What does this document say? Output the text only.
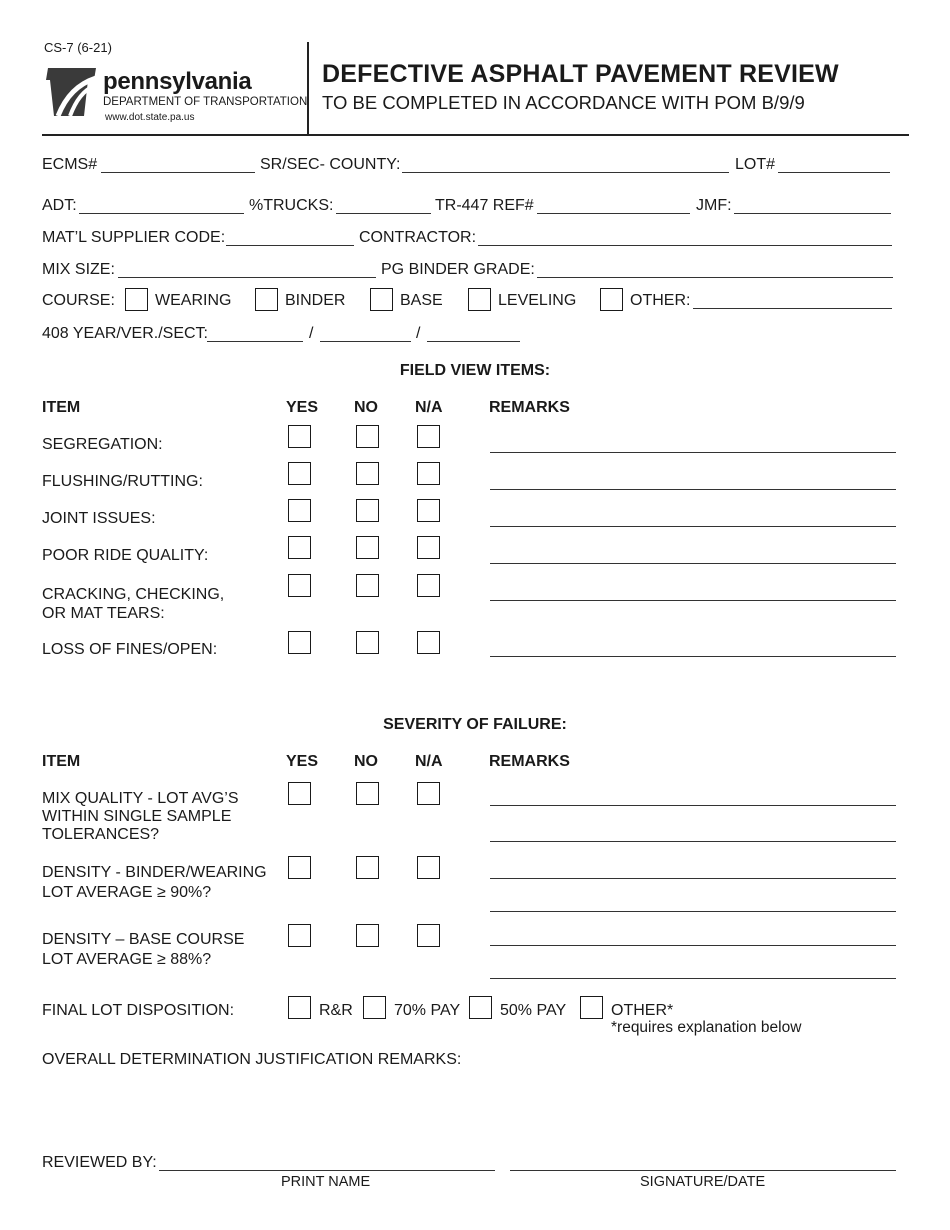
CS-7 (6-21)
pennsylvania
DEPARTMENT OF TRANSPORTATION
www.dot.state.pa.us
DEFECTIVE ASPHALT PAVEMENT REVIEW
TO BE COMPLETED IN ACCORDANCE WITH POM B/9/9
ECMS#	SR/SEC- COUNTY:	LOT#
ADT:	%TRUCKS:	TR-447 REF#	JMF:
MAT’L SUPPLIER CODE:	CONTRACTOR:
MIX SIZE:	PG BINDER GRADE:
COURSE:	WEARING	BINDER	BASE	LEVELING	OTHER:
408 YEAR/VER./SECT:	/	/
FIELD VIEW ITEMS:
ITEM	YES NO N/A	REMARKS
SEGREGATION:
FLUSHING/RUTTING:
JOINT ISSUES:
POOR RIDE QUALITY:
CRACKING, CHECKING,
OR MAT TEARS:
LOSS OF FINES/OPEN:
SEVERITY OF FAILURE:
ITEM	YES NO N/A	REMARKS
MIX QUALITY - LOT AVG’S
WITHIN SINGLE SAMPLE
TOLERANCES?
DENSITY - BINDER/WEARING
LOT AVERAGE ≥ 90%?
DENSITY – BASE COURSE
LOT AVERAGE ≥ 88%?
FINAL LOT DISPOSITION:	R&R	70% PAY 50% PAY	OTHER*
*requires explanation below
OVERALL DETERMINATION JUSTIFICATION REMARKS:
REVIEWED BY:
PRINT NAME	SIGNATURE/DATE
